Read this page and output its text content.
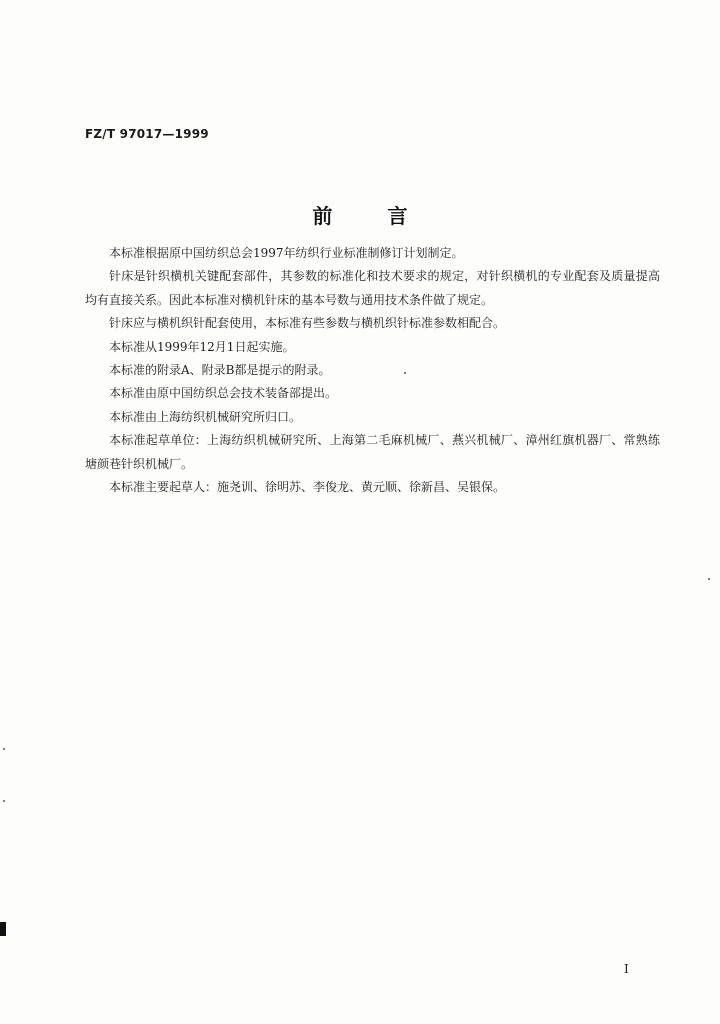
FZ/T 97017—1999
前	言

本标准根据原中国纺织总会1997年纺织行业标准制修订计划制定。

针床是针织横机关键配套部件，其参数的标准化和技术要求的规定，对针织横机的专业配套及质量提高均有直接关系。因此本标准对横机针床的基本号数与通用技术条件做了规定。

针床应与横机织针配套使用，本标准有些参数与横机织针标准参数相配合。

本标准从1999年12月1日起实施。

本标准的附录A、附录B都是提示的附录。

本标准由原中国纺织总会技术装备部提出。

本标准由上海纺织机械研究所归口。

本标准起草单位：上海纺织机械研究所、上海第二毛麻机械厂、燕兴机械厂、漳州红旗机器厂、常熟练塘颜巷针织机械厂。

本标准主要起草人：施尧训、徐明苏、李俊龙、黄元顺、徐新昌、吴银保。

I
